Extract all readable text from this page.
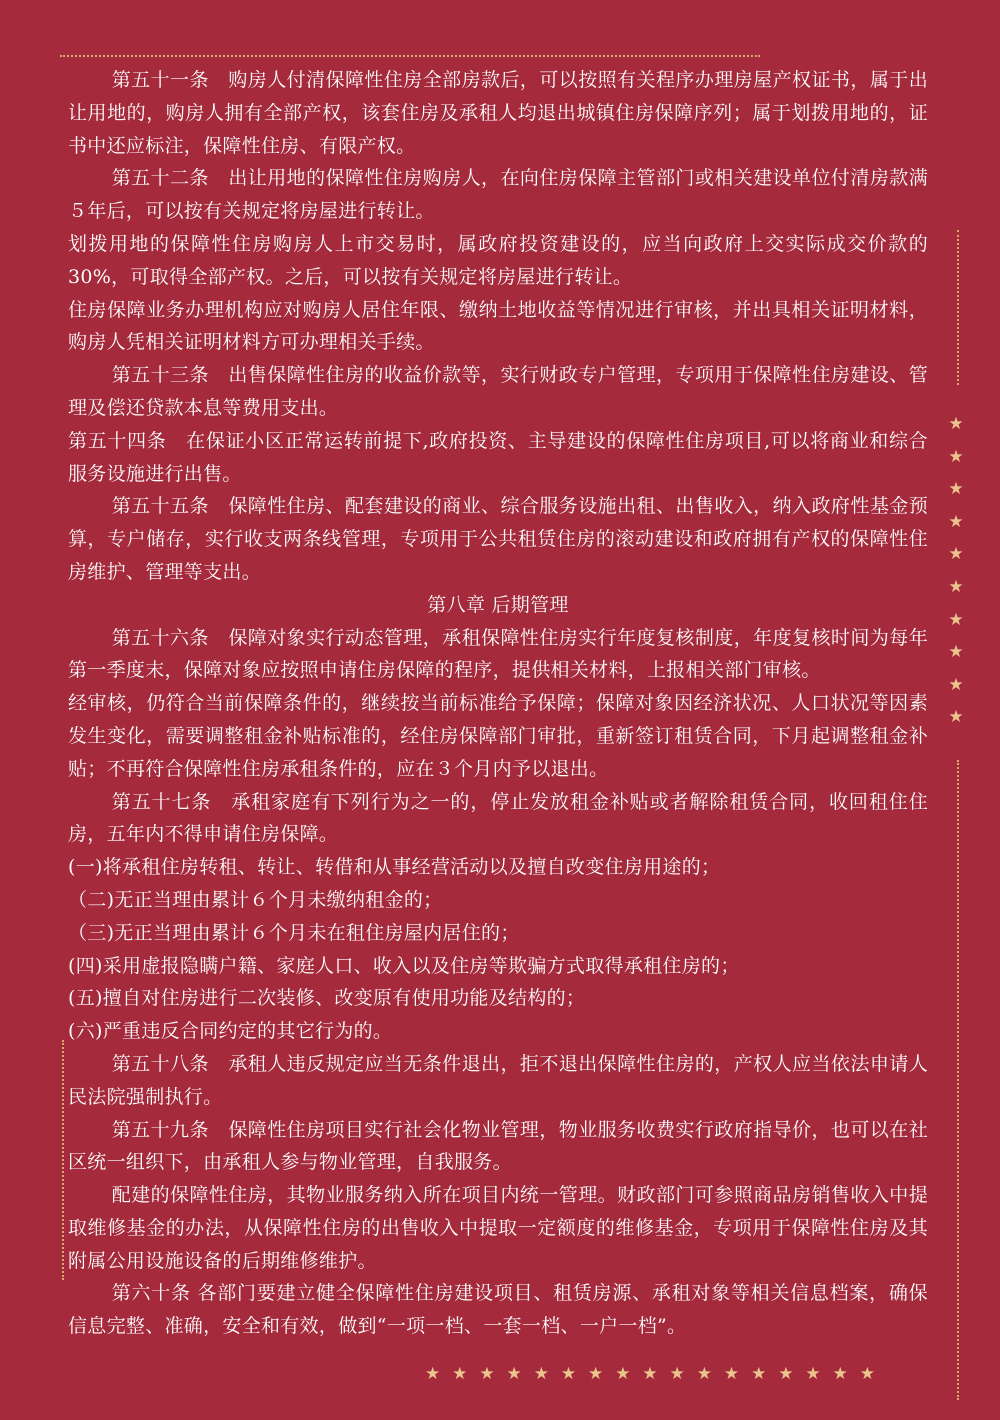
★
★
★
★
★
★
★
★
★
★
★ ★ ★ ★ ★ ★ ★ ★ ★ ★ ★ ★ ★ ★ ★ ★ ★

第五十一条　购房人付清保障性住房全部房款后，可以按照有关程序办理房屋产权证书，属于出让用地的，购房人拥有全部产权，该套住房及承租人均退出城镇住房保障序列；属于划拨用地的，证书中还应标注，保障性住房、有限产权。

第五十二条　出让用地的保障性住房购房人，在向住房保障主管部门或相关建设单位付清房款满５年后，可以按有关规定将房屋进行转让。

划拨用地的保障性住房购房人上市交易时，属政府投资建设的，应当向政府上交实际成交价款的 30%，可取得全部产权。之后，可以按有关规定将房屋进行转让。

住房保障业务办理机构应对购房人居住年限、缴纳土地收益等情况进行审核，并出具相关证明材料，购房人凭相关证明材料方可办理相关手续。

第五十三条　出售保障性住房的收益价款等，实行财政专户管理，专项用于保障性住房建设、管理及偿还贷款本息等费用支出。

第五十四条　在保证小区正常运转前提下,政府投资、主导建设的保障性住房项目,可以将商业和综合服务设施进行出售。

第五十五条　保障性住房、配套建设的商业、综合服务设施出租、出售收入，纳入政府性基金预算，专户储存，实行收支两条线管理，专项用于公共租赁住房的滚动建设和政府拥有产权的保障性住房维护、管理等支出。

第八章 后期管理

第五十六条　保障对象实行动态管理，承租保障性住房实行年度复核制度，年度复核时间为每年第一季度末，保障对象应按照申请住房保障的程序，提供相关材料，上报相关部门审核。

经审核，仍符合当前保障条件的，继续按当前标准给予保障；保障对象因经济状况、人口状况等因素发生变化，需要调整租金补贴标准的，经住房保障部门审批，重新签订租赁合同，下月起调整租金补贴；不再符合保障性住房承租条件的，应在３个月内予以退出。

第五十七条　承租家庭有下列行为之一的，停止发放租金补贴或者解除租赁合同，收回租住住房，五年内不得申请住房保障。

(一)将承租住房转租、转让、转借和从事经营活动以及擅自改变住房用途的；

（二)无正当理由累计６个月未缴纳租金的；

（三)无正当理由累计６个月未在租住房屋内居住的；

(四)采用虚报隐瞒户籍、家庭人口、收入以及住房等欺骗方式取得承租住房的；

(五)擅自对住房进行二次装修、改变原有使用功能及结构的；

(六)严重违反合同约定的其它行为的。

第五十八条　承租人违反规定应当无条件退出，拒不退出保障性住房的，产权人应当依法申请人民法院强制执行。

第五十九条　保障性住房项目实行社会化物业管理，物业服务收费实行政府指导价，也可以在社区统一组织下，由承租人参与物业管理，自我服务。

配建的保障性住房，其物业服务纳入所在项目内统一管理。财政部门可参照商品房销售收入中提取维修基金的办法，从保障性住房的出售收入中提取一定额度的维修基金，专项用于保障性住房及其附属公用设施设备的后期维修维护。

第六十条 各部门要建立健全保障性住房建设项目、租赁房源、承租对象等相关信息档案，确保信息完整、准确，安全和有效，做到“一项一档、一套一档、一户一档”。
